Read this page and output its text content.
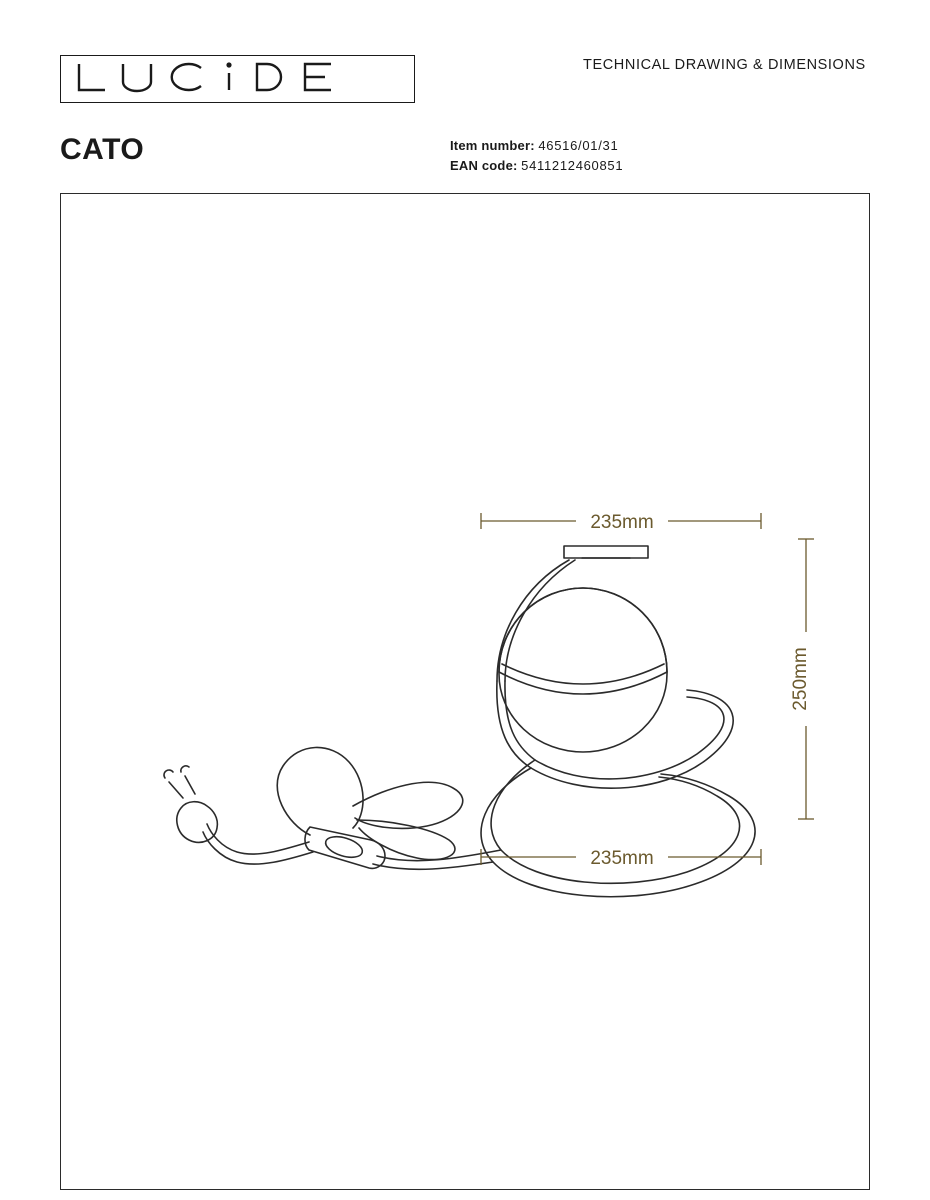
TECHNICAL DRAWING & DIMENSIONS
CATO	Item number: 46516/01/31
EAN code: 5411212460851
235mm
235mm
250mm
